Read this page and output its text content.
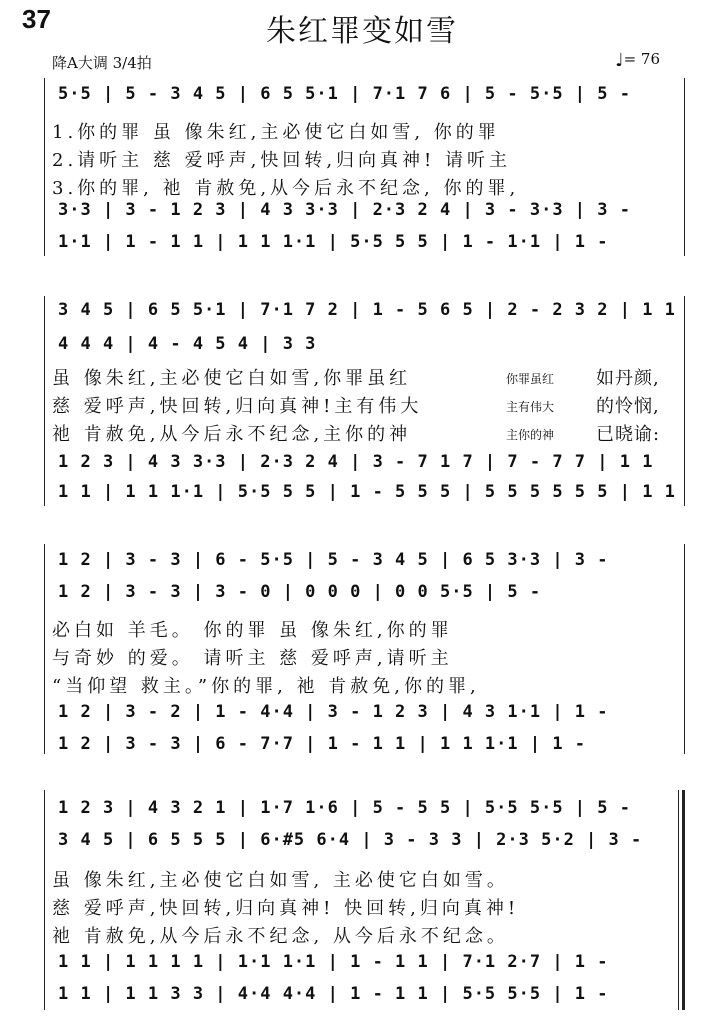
37	朱红罪变如雪
降A大调 3/4拍	♩= 76
5·5 | 5 - 3 4 5 | 6 5 5·1 | 7·1 7 6 | 5 - 5·5 | 5 -
1.你的罪 虽 像朱红,主必使它白如雪, 你的罪
2.请听主 慈 爱呼声,快回转,归向真神! 请听主
3.你的罪, 祂 肯赦免,从今后永不纪念, 你的罪,
3·3 | 3 - 1 2 3 | 4 3 3·3 | 2·3 2 4 | 3 - 3·3 | 3 -
1·1 | 1 - 1 1 | 1 1 1·1 | 5·5 5 5 | 1 - 1·1 | 1 -
3 4 5 | 6 5 5·1 | 7·1 7 2 | 1 - 5 6 5 | 2 - 2 3 2 | 1 1
4 4 4 | 4 - 4 5 4 | 3 3
虽 像朱红,主必使它白如雪,你罪虽红
慈 爱呼声,快回转,归向真神!主有伟大
祂 肯赦免,从今后永不纪念,主你的神
你罪虽红
主有伟大
主你的神
如丹颜,
的怜悯,
已晓谕:
1 2 3 | 4 3 3·3 | 2·3 2 4 | 3 - 7 1 7 | 7 - 7 7 | 1 1
1 1 | 1 1 1·1 | 5·5 5 5 | 1 - 5 5 5 | 5 5 5 5 5 5 | 1 1
1 2 | 3 - 3 | 6 - 5·5 | 5 - 3 4 5 | 6 5 3·3 | 3 -
1 2 | 3 - 3 | 3 - 0 | 0 0 0 | 0 0 5·5 | 5 -
必白如 羊毛。 你的罪 虽 像朱红,你的罪
与奇妙 的爱。 请听主 慈 爱呼声,请听主
“当仰望 救主。”你的罪, 祂 肯赦免,你的罪,
1 2 | 3 - 2 | 1 - 4·4 | 3 - 1 2 3 | 4 3 1·1 | 1 -
1 2 | 3 - 3 | 6 - 7·7 | 1 - 1 1 | 1 1 1·1 | 1 -
1 2 3 | 4 3 2 1 | 1·7 1·6 | 5 - 5 5 | 5·5 5·5 | 5 -
3 4 5 | 6 5 5 5 | 6·#5 6·4 | 3 - 3 3 | 2·3 5·2 | 3 -
虽 像朱红,主必使它白如雪, 主必使它白如雪。
慈 爱呼声,快回转,归向真神! 快回转,归向真神!
祂 肯赦免,从今后永不纪念, 从今后永不纪念。
1 1 | 1 1 1 1 | 1·1 1·1 | 1 - 1 1 | 7·1 2·7 | 1 -
1 1 | 1 1 3 3 | 4·4 4·4 | 1 - 1 1 | 5·5 5·5 | 1 -
